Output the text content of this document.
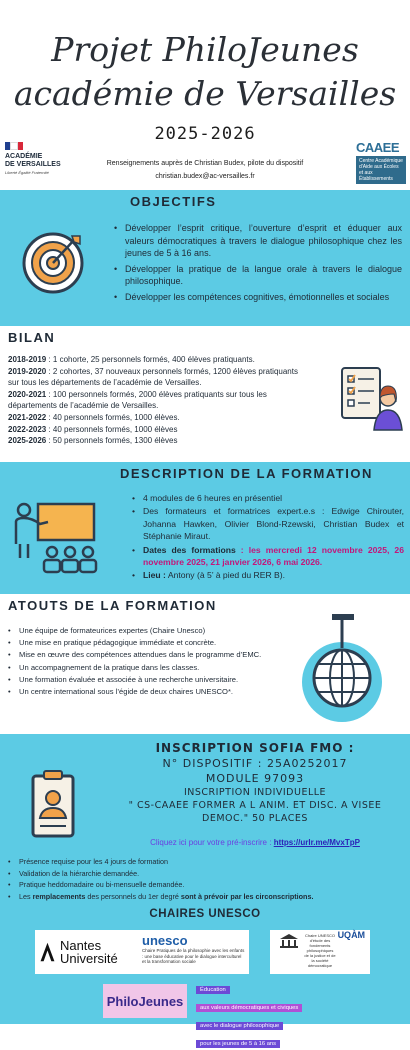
Projet PhiloJeunes
académie de Versailles
2025-2026
ACADÉMIE
DE VERSAILLES
Liberté Égalité Fraternité
Renseignements auprès de Christian Budex, pilote du dispositif
christian.budex@ac-versailles.fr
CAAEE
Centre Académique d'Aide aux Écoles et aux Établissements
OBJECTIFS
• Développer l’esprit critique, l’ouverture d’esprit et éduquer aux valeurs démocratiques à travers le dialogue philosophique chez les jeunes de 5 à 16 ans.
• Développer la pratique de la langue orale à travers le dialogue philosophique.
• Développer les compétences cognitives, émotionnelles et sociales
BILAN
2018-2019 : 1 cohorte, 25 personnels formés, 400 élèves pratiquants.
2019-2020 : 2 cohortes, 37 nouveaux personnels formés, 1200 élèves pratiquants sur tous les départements de l’académie de Versailles.
2020-2021 : 100 personnels formés, 2000 élèves pratiquants sur tous les départements de l’académie de Versailles.
2021-2022 : 40 personnels formés, 1000 élèves.
2022-2023 : 40 personnels formés, 1000 élèves
2025-2026 : 50 personnels formés, 1300 élèves
DESCRIPTION DE LA FORMATION
• 4 modules de 6 heures en présentiel
• Des formateurs et formatrices expert.e.s : Edwige Chirouter, Johanna Hawken, Olivier Blond-Rzewski, Christian Budex et Stéphanie Miraut.
• Dates des formations : les mercredi 12 novembre 2025, 26 novembre 2025, 21 janvier 2026, 6 mai 2026.
• Lieu : Antony (à 5’ à pied du RER B).
ATOUTS DE LA FORMATION
• Une équipe de formateurices expertes (Chaire Unesco)
• Une mise en pratique pédagogique immédiate et concrète.
• Mise en œuvre des compétences attendues dans le programme d’EMC.
• Un accompagnement de la pratique dans les classes.
• Une formation évaluée et associée à une recherche universitaire.
• Un centre international sous l’égide de deux chaires UNESCO*.
INSCRIPTION SOFIA FMO :
N° DISPOSITIF : 25A0252017
MODULE 97093
INSCRIPTION INDIVIDUELLE
" CS-CAAEE FORMER A L ANIM. ET DISC. A VISEE
DEMOC." 50 PLACES
Cliquez ici pour votre pré-inscrire : https://urlr.me/MvxTpP
• Présence requise pour les 4 jours de formation
• Validation de la hiérarchie demandée.
• Pratique heddomadaire ou bi-mensuelle demandée.
• Les remplacements des personnels du 1er degré sont à prévoir par les circonscriptions.
CHAIRES UNESCO
Nantes Université
unesco
Chaire Pratiques de la philosophie avec les enfants : une base éducative pour le dialogue interculturel et la transformation sociale
Chaire UNESCO d'étude des fondements philosophiques de la justice et de la société démocratique
UQÀM
PhiloJeunes
Éducation
aux valeurs démocratiques et civiques
avec le dialogue philosophique
pour les jeunes de 5 à 16 ans
